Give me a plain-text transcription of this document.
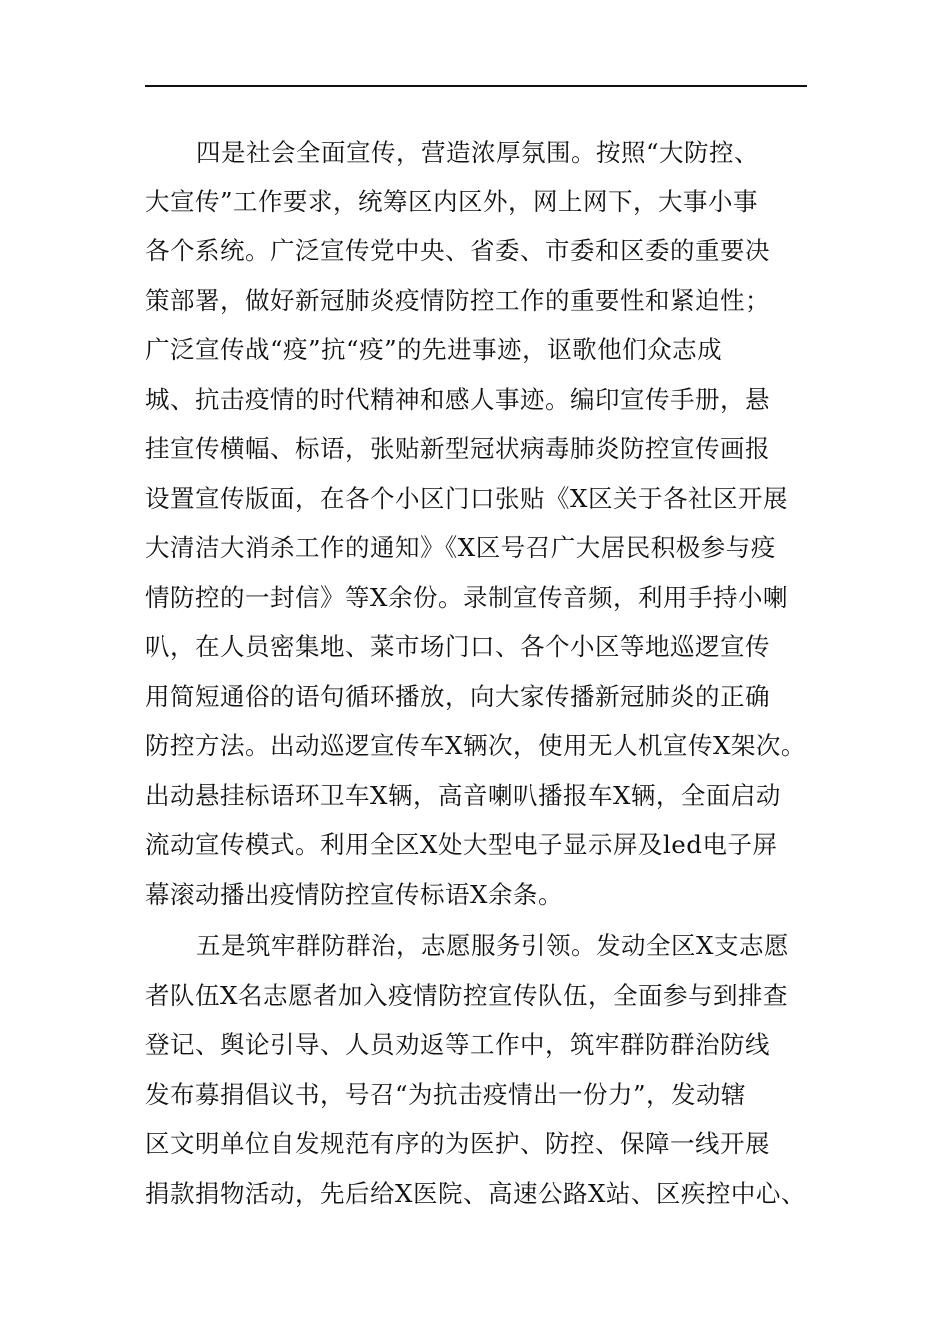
四是社会全面宣传，营造浓厚氛围。按照“大防控、
大宣传”工作要求，统筹区内区外，网上网下，大事小事
各个系统。广泛宣传党中央、省委、市委和区委的重要决
策部署，做好新冠肺炎疫情防控工作的重要性和紧迫性；
广泛宣传战“疫”抗“疫”的先进事迹，讴歌他们众志成
城、抗击疫情的时代精神和感人事迹。编印宣传手册，悬
挂宣传横幅、标语，张贴新型冠状病毒肺炎防控宣传画报
设置宣传版面，在各个小区门口张贴《X区关于各社区开展
大清洁大消杀工作的通知》《X区号召广大居民积极参与疫
情防控的一封信》等X余份。录制宣传音频，利用手持小喇
叭，在人员密集地、菜市场门口、各个小区等地巡逻宣传
用简短通俗的语句循环播放，向大家传播新冠肺炎的正确
防控方法。出动巡逻宣传车X辆次，使用无人机宣传X架次。
出动悬挂标语环卫车X辆，高音喇叭播报车X辆，全面启动
流动宣传模式。利用全区X处大型电子显示屏及led电子屏
幕滚动播出疫情防控宣传标语X余条。
五是筑牢群防群治，志愿服务引领。发动全区X支志愿
者队伍X名志愿者加入疫情防控宣传队伍，全面参与到排查
登记、舆论引导、人员劝返等工作中，筑牢群防群治防线
发布募捐倡议书，号召“为抗击疫情出一份力”，发动辖
区文明单位自发规范有序的为医护、防控、保障一线开展
捐款捐物活动，先后给X医院、高速公路X站、区疾控中心、
